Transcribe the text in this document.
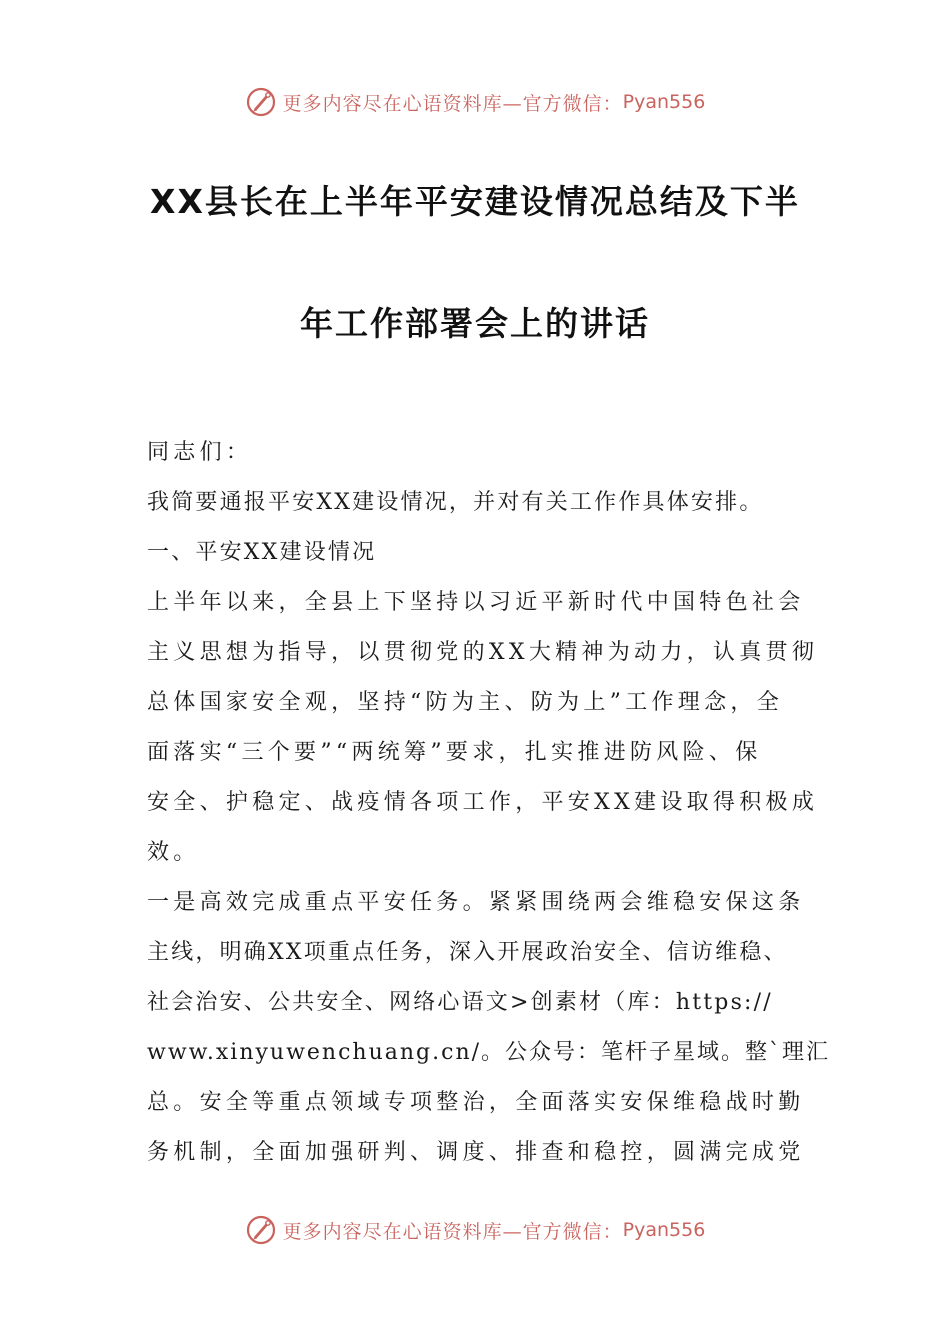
更多内容尽在心语资料库—官方微信： Pyan556
XX县长在上半年平安建设情况总结及下半
年工作部署会上的讲话
同志们：
我简要通报平安XX建设情况，并对有关工作作具体安排。
一、平安XX建设情况
上半年以来，全县上下坚持以习近平新时代中国特色社会
主义思想为指导，以贯彻党的XX大精神为动力，认真贯彻
总体国家安全观，坚持“防为主、防为上”工作理念，全
面落实“三个要”“两统筹”要求，扎实推进防风险、保
安全、护稳定、战疫情各项工作，平安XX建设取得积极成
效。
一是高效完成重点平安任务。紧紧围绕两会维稳安保这条
主线，明确XX项重点任务，深入开展政治安全、信访维稳、
社会治安、公共安全、网络心语文>创素材（库：https://
www.xinyuwenchuang.cn/。公众号：笔杆子星域。整`理汇
总。安全等重点领域专项整治，全面落实安保维稳战时勤
务机制，全面加强研判、调度、排查和稳控，圆满完成党
更多内容尽在心语资料库—官方微信： Pyan556
